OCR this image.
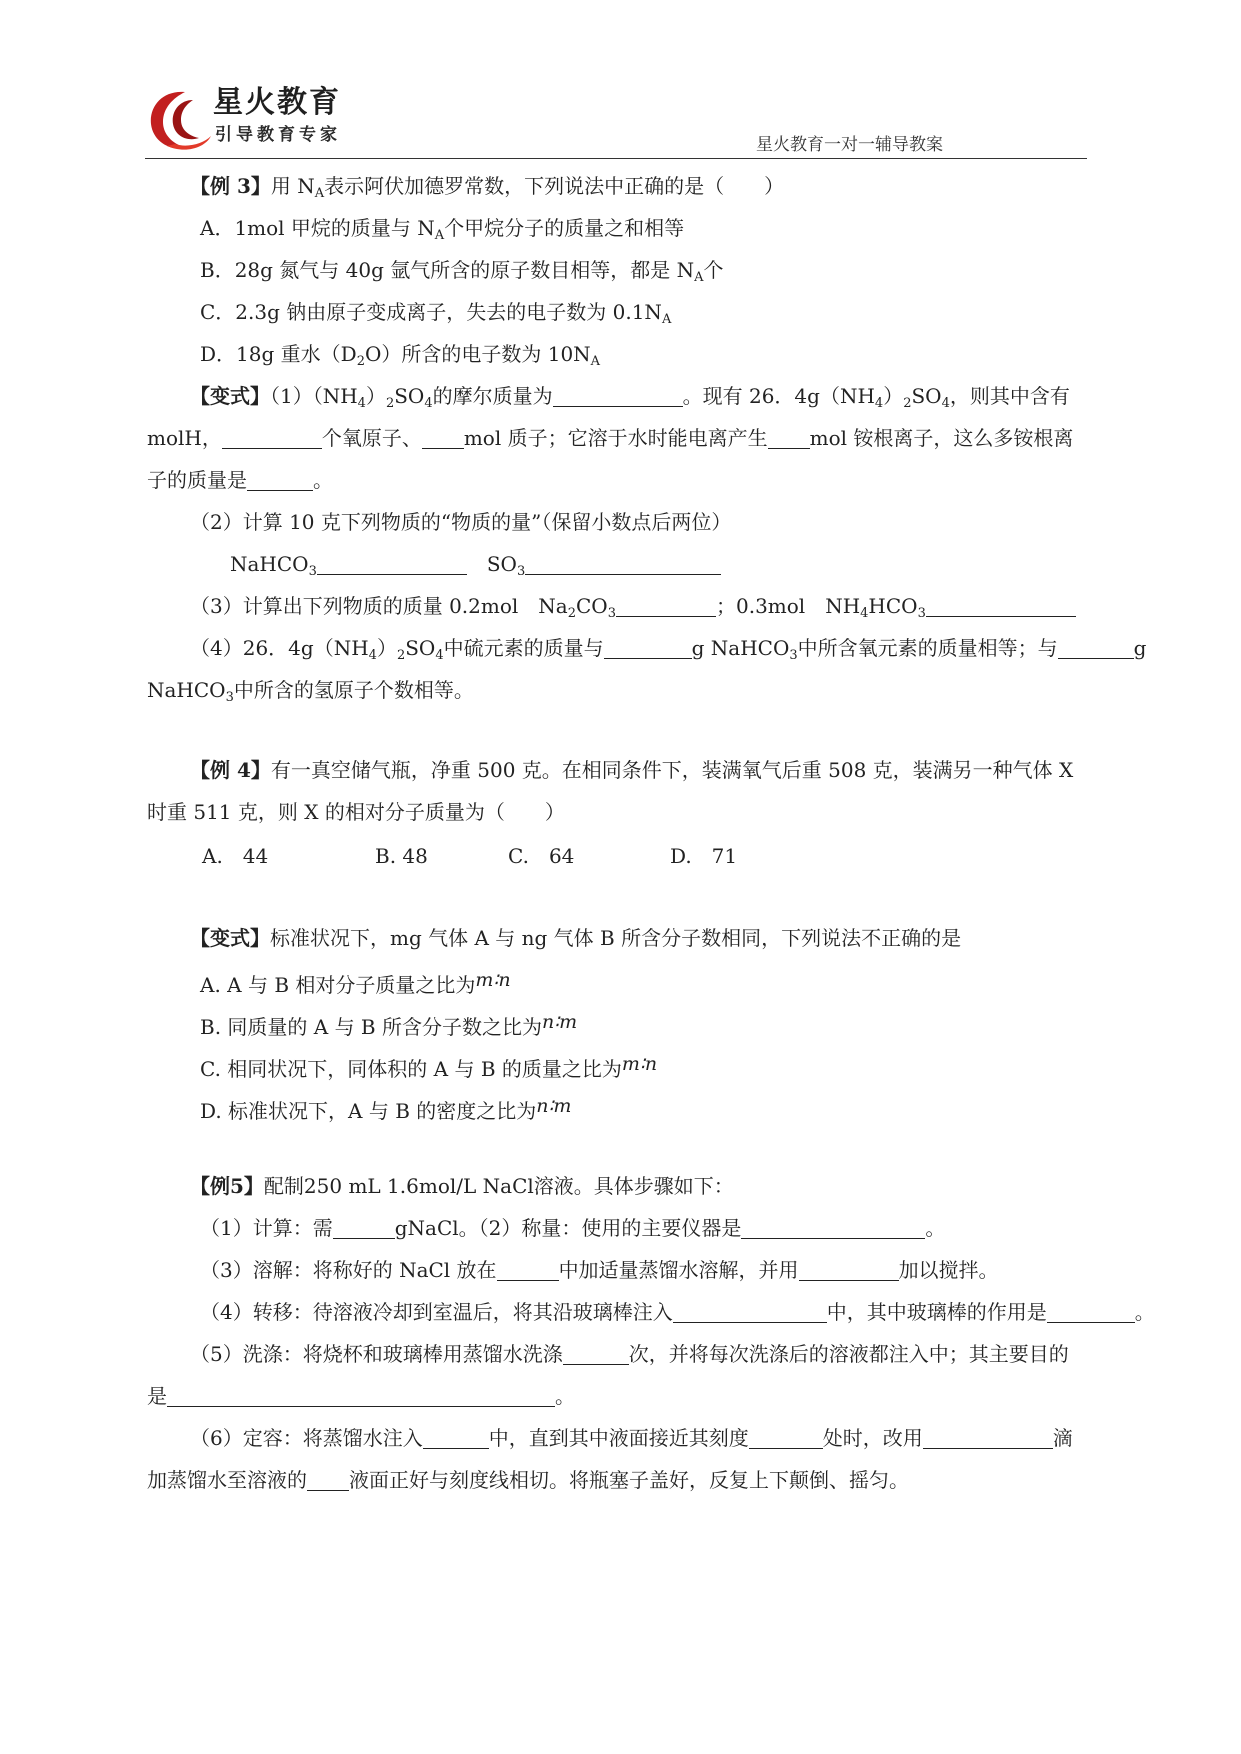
星火教育
引导教育专家	星火教育一对一辅导教案
【例 3】用 $N_A$表示阿伏加德罗常数，下列说法中正确的是（　　）
A．1mol 甲烷的质量与 $N_A$个甲烷分子的质量之和相等
B．28g 氮气与 40g 氩气所含的原子数目相等，都是 $N_A$个
C．2.3g 钠由原子变成离子，失去的电子数为 $0.1N_A$
D．18g 重水$(D_2O)$所含的电子数为 $10N_A$
【变式】$(1)(NH_4)_2SO_4$的摩尔质量为	。现有 26．$4g(NH_4)_2SO_4$，则其中含有
molH，	个氧原子、 mol 质子；它溶于水时能电离产生 mol 铵根离子，这么多铵根离
子的质量是	。
（2）计算 10 克下列物质的“物质的量”（保留小数点后两位）
NaHCO$_3$	$SO_3$
（3）计算出下列物质的质量 0.2mol　$Na_2CO_3$	；0.3mol　$NH_4HCO_3$
（4）26．$4g(NH_4)_2SO_4$中硫元素的质量与	g NaHCO$_3$中所含氧元素的质量相等；与	g
NaHCO$_3$中所含的氢原子个数相等。
【例 4】有一真空储气瓶，净重 500 克。在相同条件下，装满氧气后重 508 克，装满另一种气体 X
时重 511 克，则 X 的相对分子质量为（　　）
A.　44	B. 48	C.　64	D.　71
【变式】标准状况下，mg 气体 A 与 ng 气体 B 所含分子数相同，下列说法不正确的是
A. A 与 B 相对分子质量之比为m∶n
B. 同质量的 A 与 B 所含分子数之比为n∶m
C. 相同状况下，同体积的 A 与 B 的质量之比为m∶n
D. 标准状况下，A 与 B 的密度之比为n∶m
【例5】配制250 mL 1.6mol/L NaCl溶液。具体步骤如下：
（1）计算：需	gNaCl。（2）称量：使用的主要仪器是	。
（3）溶解：将称好的 NaCl 放在	中加适量蒸馏水溶解，并用	加以搅拌。
（4）转移：待溶液冷却到室温后，将其沿玻璃棒注入	中，其中玻璃棒的作用是	。
（5）洗涤：将烧杯和玻璃棒用蒸馏水洗涤	次，并将每次洗涤后的溶液都注入中；其主要目的
是	。
（6）定容：将蒸馏水注入	中，直到其中液面接近其刻度	处时，改用	滴
加蒸馏水至溶液的 液面正好与刻度线相切。将瓶塞子盖好，反复上下颠倒、摇匀。
